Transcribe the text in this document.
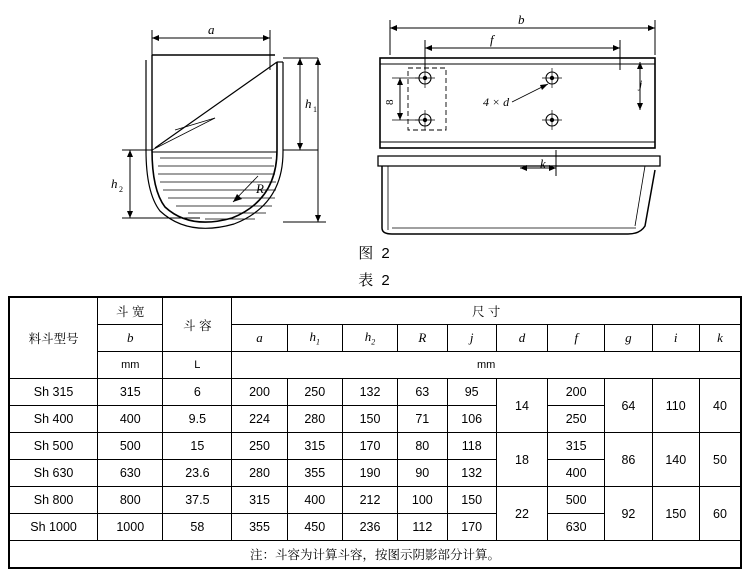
a
h 1
h 2	R
b
f
j
8	4 × d
k
图 2
表 2
料斗型号	斗 宽	斗 容	尺 寸									
	b		a	$h_1$	$h_2$	R	j	d	f	g	i	k
	mm	L	mm									
Sh 315	315	6	200	250	132	63	95	14	200	64	110	40
Sh 400	400	9.5	224	280	150	71	106		250			
Sh 500	500	15	250	315	170	80	118	18	315	86	140	50
Sh 630	630	23.6	280	355	190	90	132		400			
Sh 800	800	37.5	315	400	212	100	150	22	500	92	150	60
Sh 1000	1000	58	355	450	236	112	170		630			
注：斗容为计算斗容，按图示阴影部分计算。												
